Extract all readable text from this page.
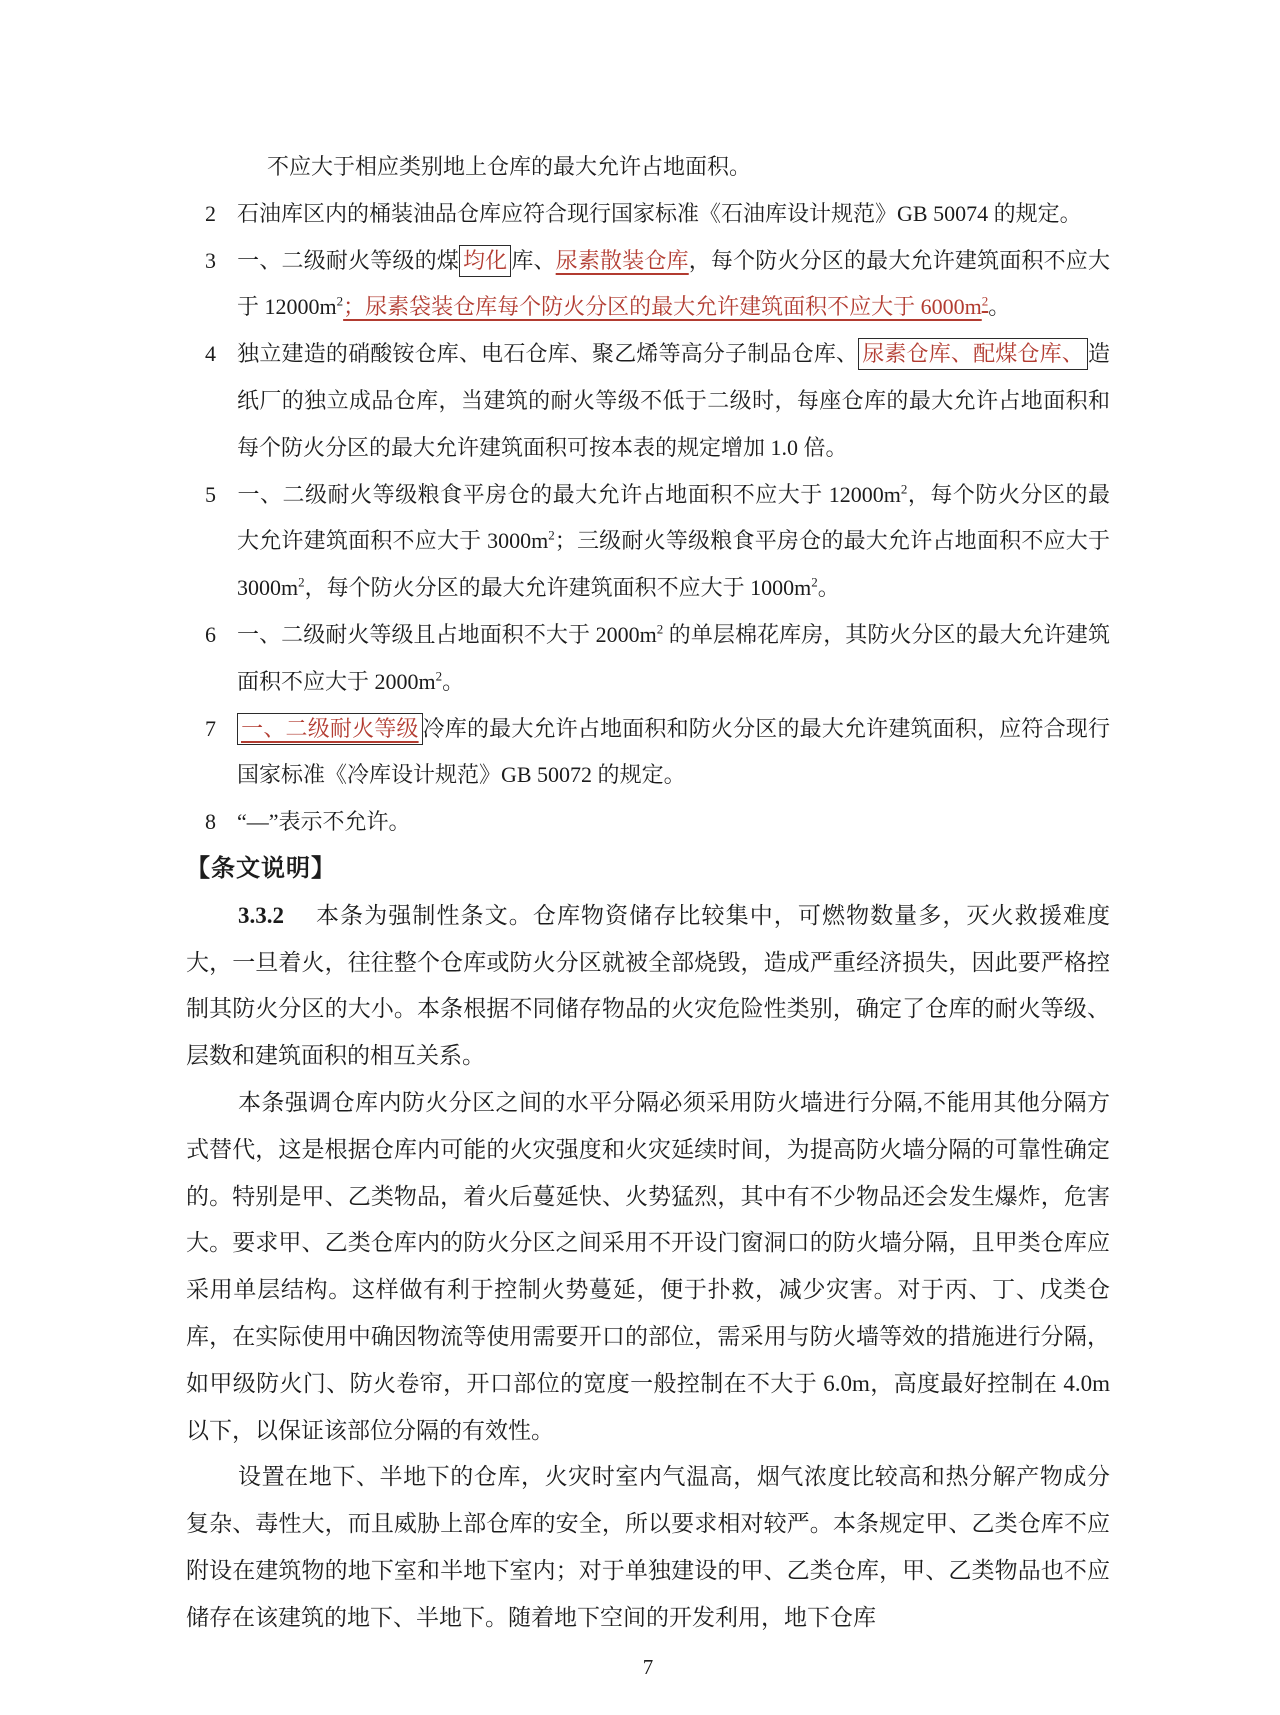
不应大于相应类别地上仓库的最大允许占地面积。
2 石油库区内的桶装油品仓库应符合现行国家标准《石油库设计规范》GB 50074 的规定。
3 一、二级耐火等级的煤 均化 库、尿素散装仓库，每个防火分区的最大允许建筑面积不应大于 $12000m^2$；尿素袋装仓库每个防火分区的最大允许建筑面积不应大于 $6000m^2$。
4 独立建造的硝酸铵仓库、电石仓库、聚乙烯等高分子制品仓库、 尿素仓库、配煤仓库、 造纸厂的独立成品仓库，当建筑的耐火等级不低于二级时，每座仓库的最大允许占地面积和每个防火分区的最大允许建筑面积可按本表的规定增加 1.0 倍。
5 一、二级耐火等级粮食平房仓的最大允许占地面积不应大于 $12000m^2$，每个防火分区的最大允许建筑面积不应大于 $3000m^2$；三级耐火等级粮食平房仓的最大允许占地面积不应大于 $3000m^2$，每个防火分区的最大允许建筑面积不应大于 $1000m^2$。
6 一、二级耐火等级且占地面积不大于 $2000m^2$ 的单层棉花库房，其防火分区的最大允许建筑面积不应大于 $2000m^2$。
7 一、二级耐火等级 冷库的最大允许占地面积和防火分区的最大允许建筑面积，应符合现行国家标准《冷库设计规范》GB 50072 的规定。
8 “—”表示不允许。
【条文说明】
3.3.2　 本条为强制性条文。仓库物资储存比较集中，可燃物数量多，灭火救援难度大，一旦着火，往往整个仓库或防火分区就被全部烧毁，造成严重经济损失，因此要严格控制其防火分区的大小。本条根据不同储存物品的火灾危险性类别，确定了仓库的耐火等级、层数和建筑面积的相互关系。
本条强调仓库内防火分区之间的水平分隔必须采用防火墙进行分隔,不能用其他分隔方式替代，这是根据仓库内可能的火灾强度和火灾延续时间，为提高防火墙分隔的可靠性确定的。特别是甲、乙类物品，着火后蔓延快、火势猛烈，其中有不少物品还会发生爆炸，危害大。要求甲、乙类仓库内的防火分区之间采用不开设门窗洞口的防火墙分隔，且甲类仓库应采用单层结构。这样做有利于控制火势蔓延，便于扑救，减少灾害。对于丙、丁、戊类仓库，在实际使用中确因物流等使用需要开口的部位，需采用与防火墙等效的措施进行分隔，如甲级防火门、防火卷帘，开口部位的宽度一般控制在不大于 6.0m，高度最好控制在 4.0m 以下，以保证该部位分隔的有效性。
设置在地下、半地下的仓库，火灾时室内气温高，烟气浓度比较高和热分解产物成分复杂、毒性大，而且威胁上部仓库的安全，所以要求相对较严。本条规定甲、乙类仓库不应附设在建筑物的地下室和半地下室内；对于单独建设的甲、乙类仓库，甲、乙类物品也不应储存在该建筑的地下、半地下。随着地下空间的开发利用，地下仓库
7
